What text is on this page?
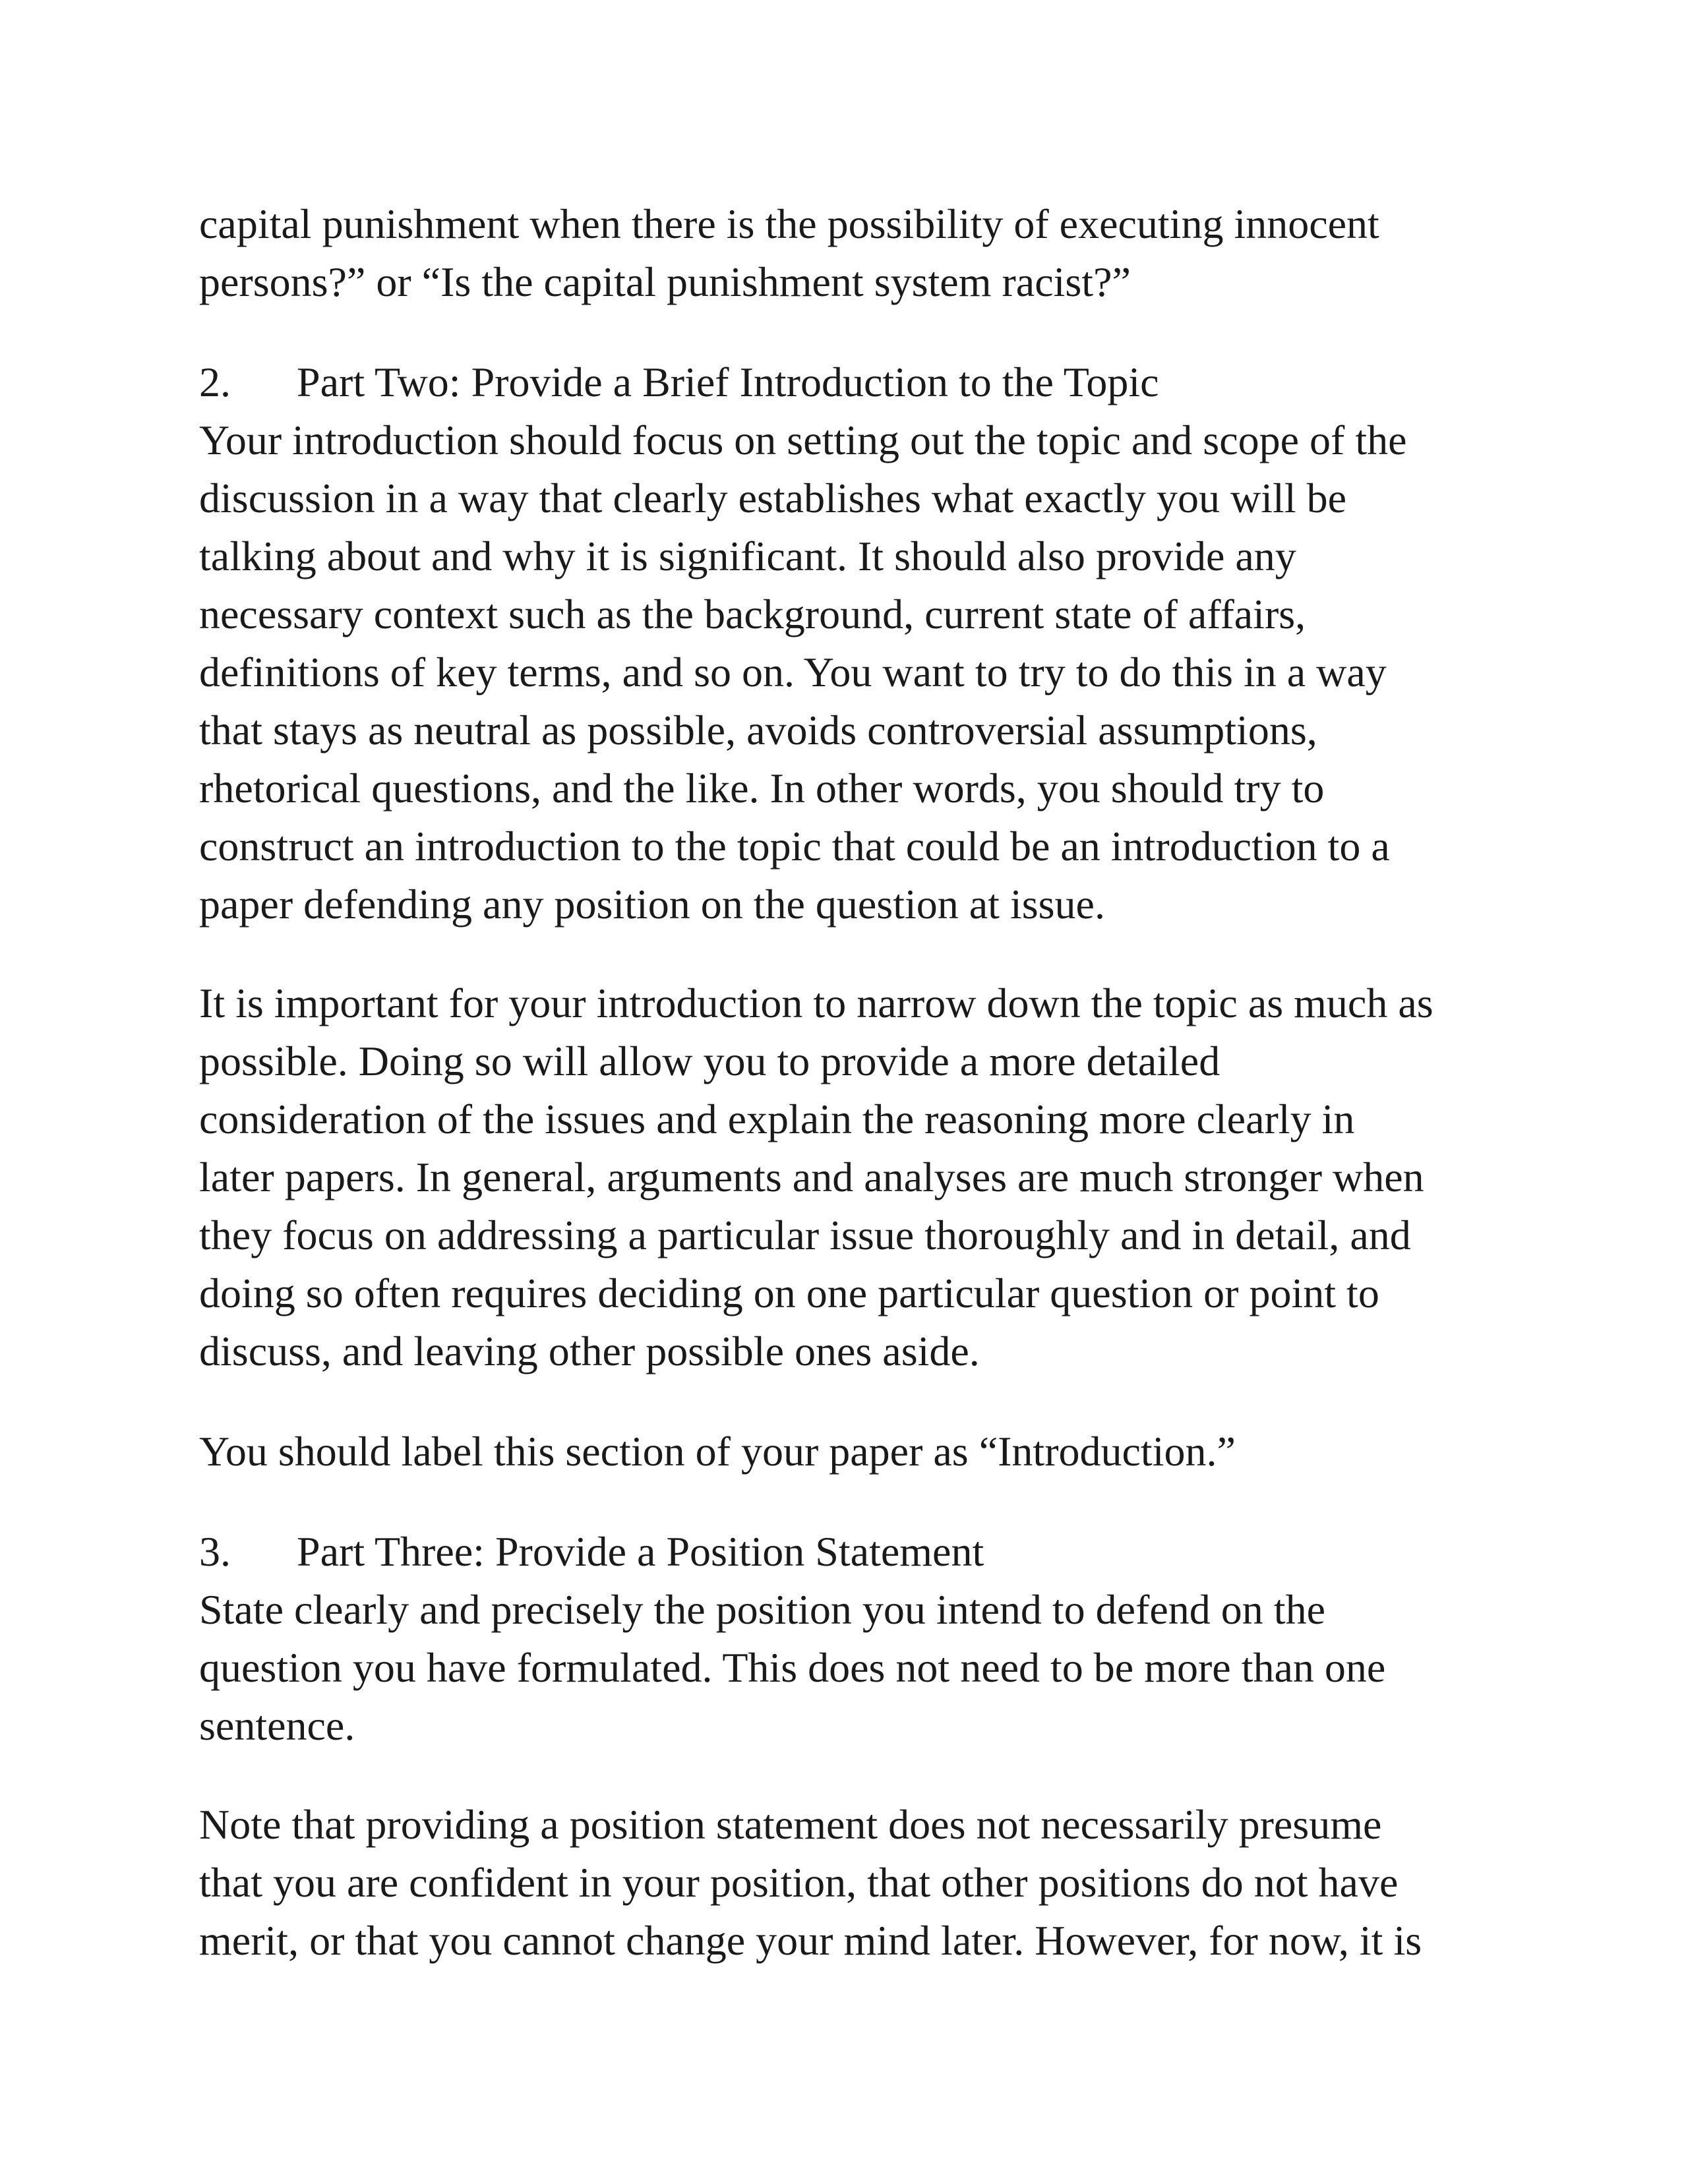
capital punishment when there is the possibility of executing innocent
persons?” or “Is the capital punishment system racist?”

2. Part Two: Provide a Brief Introduction to the Topic

Your introduction should focus on setting out the topic and scope of the
discussion in a way that clearly establishes what exactly you will be
talking about and why it is significant. It should also provide any
necessary context such as the background, current state of affairs,
definitions of key terms, and so on. You want to try to do this in a way
that stays as neutral as possible, avoids controversial assumptions,
rhetorical questions, and the like. In other words, you should try to
construct an introduction to the topic that could be an introduction to a
paper defending any position on the question at issue.

It is important for your introduction to narrow down the topic as much as
possible. Doing so will allow you to provide a more detailed
consideration of the issues and explain the reasoning more clearly in
later papers. In general, arguments and analyses are much stronger when
they focus on addressing a particular issue thoroughly and in detail, and
doing so often requires deciding on one particular question or point to
discuss, and leaving other possible ones aside.

You should label this section of your paper as “Introduction.”

3. Part Three: Provide a Position Statement

State clearly and precisely the position you intend to defend on the
question you have formulated. This does not need to be more than one
sentence.

Note that providing a position statement does not necessarily presume
that you are confident in your position, that other positions do not have
merit, or that you cannot change your mind later. However, for now, it is
